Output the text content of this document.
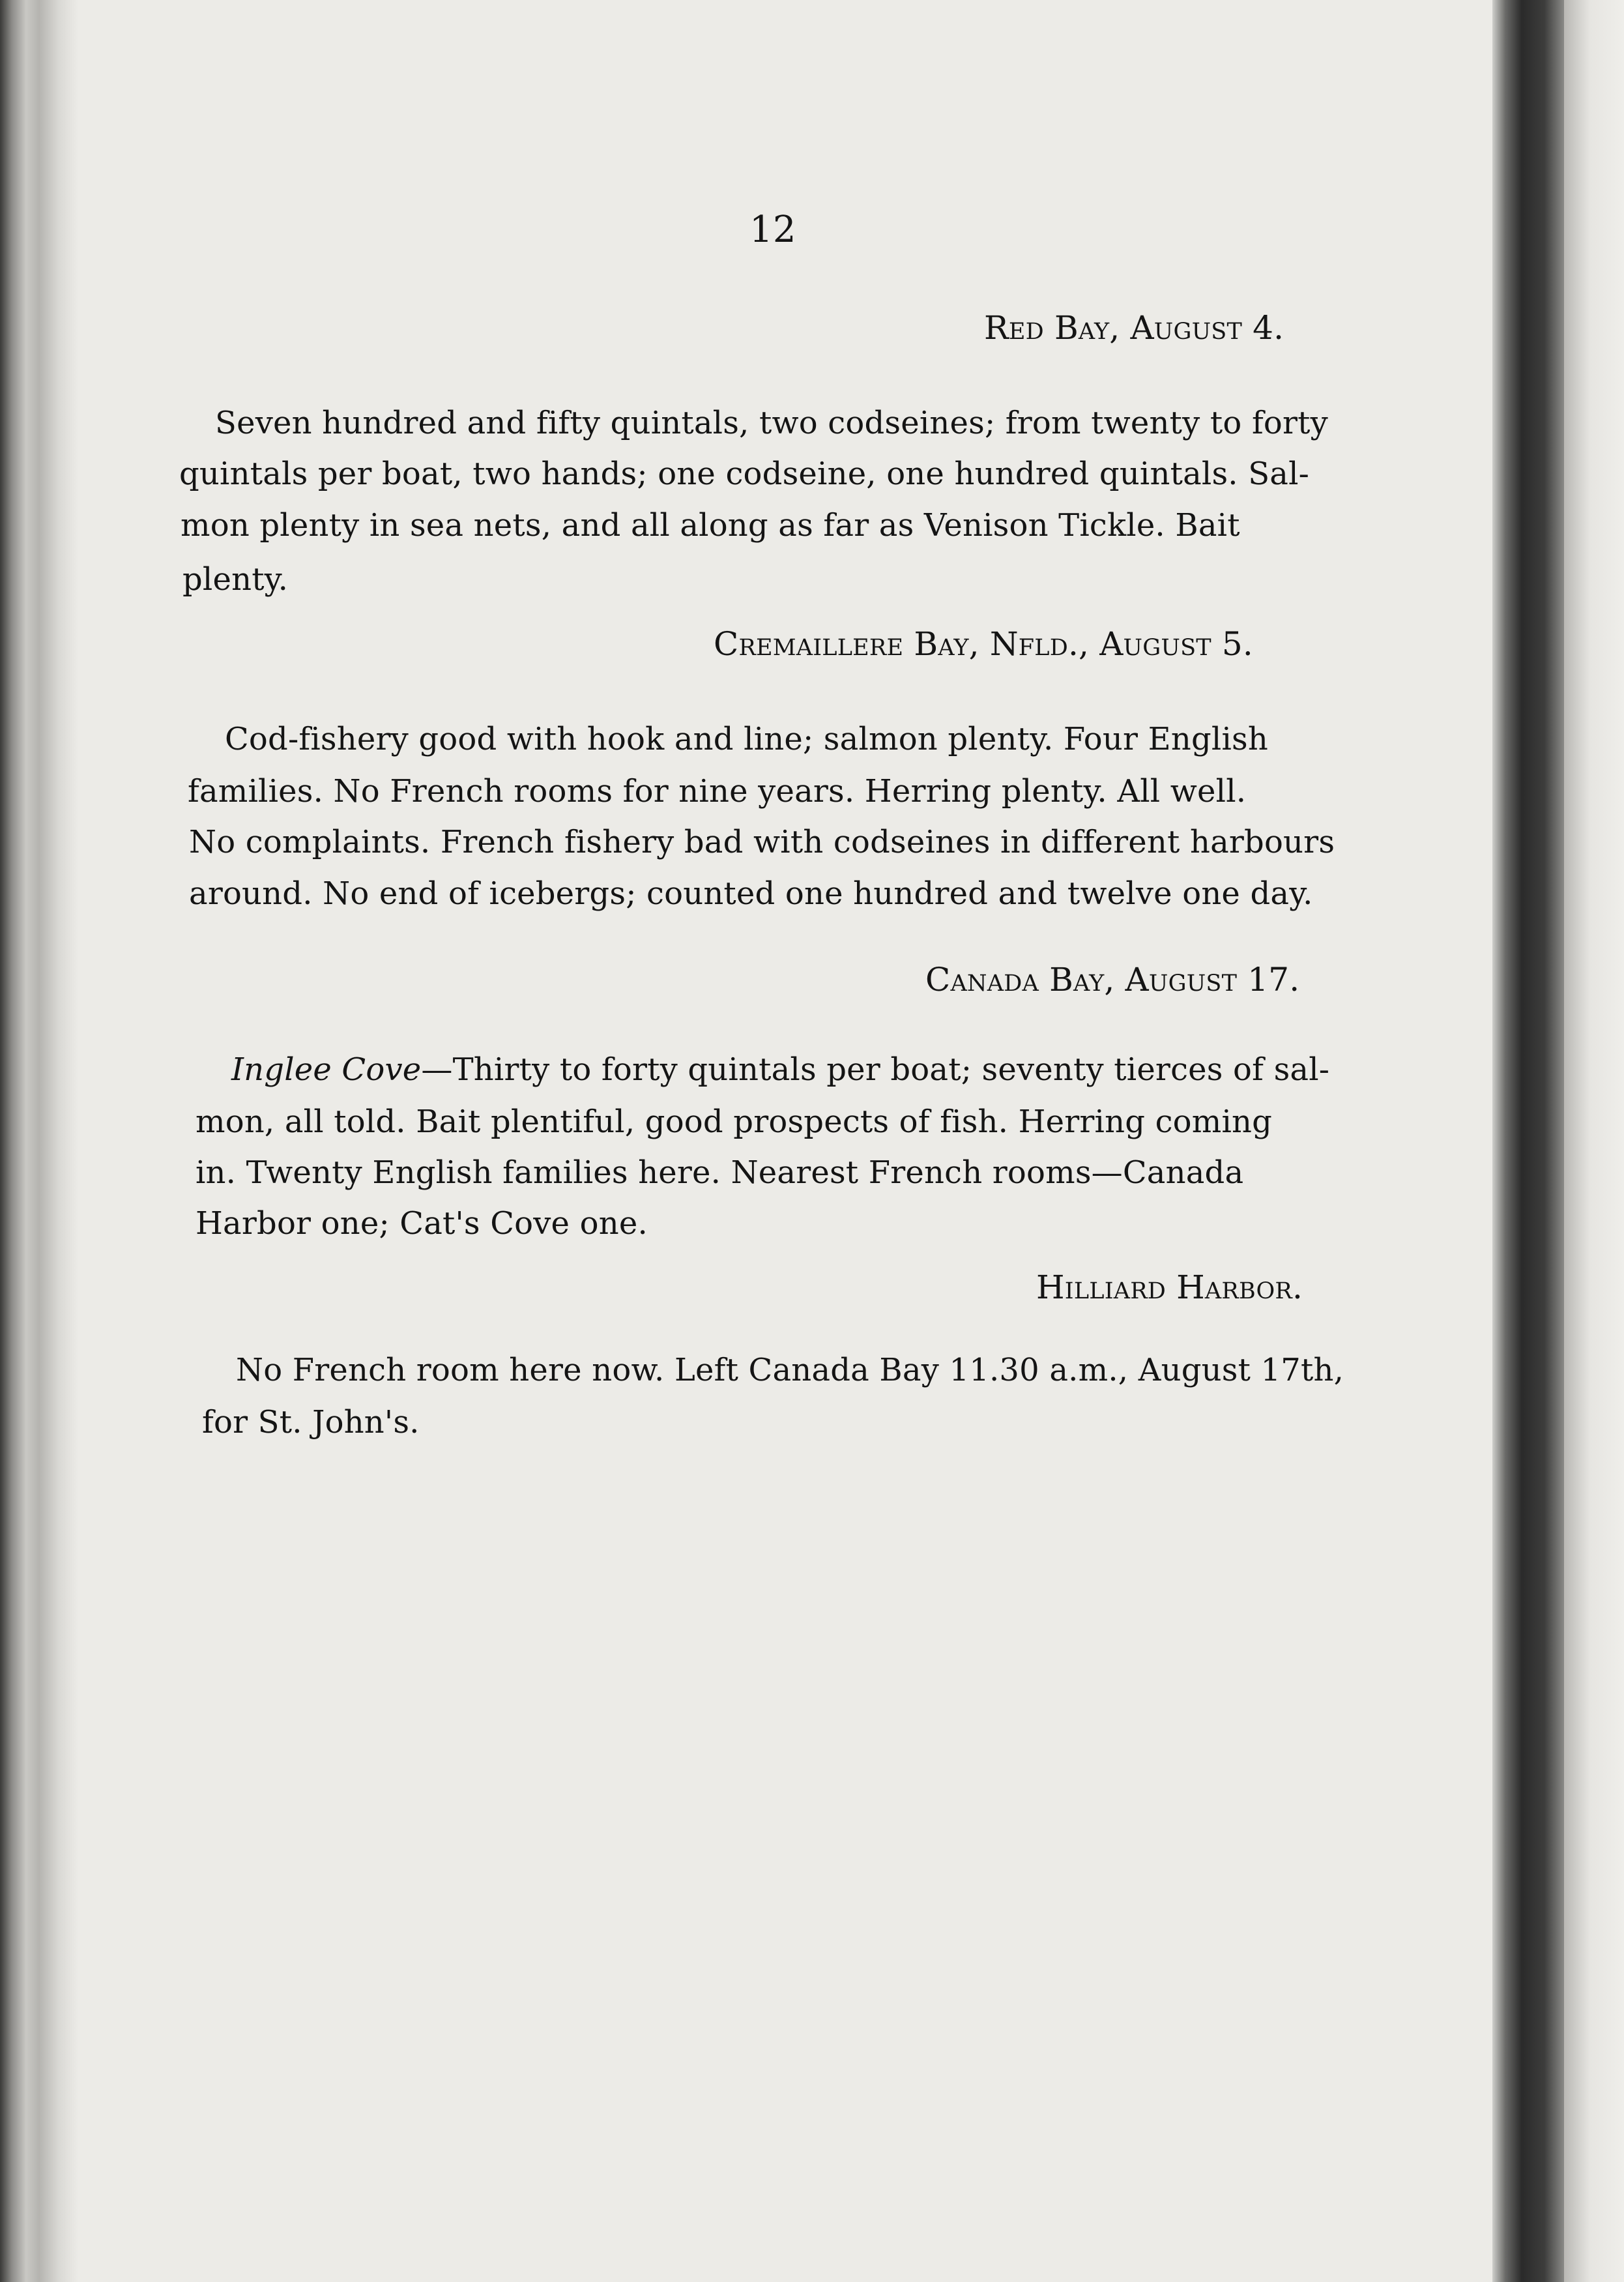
12
Red Bay, August 4.
Seven hundred and fifty quintals, two codseines; from twenty to forty
quintals per boat, two hands; one codseine, one hundred quintals. Sal-
mon plenty in sea nets, and all along as far as Venison Tickle. Bait
plenty.
Cremaillere Bay, Nfld., August 5.
Cod-fishery good with hook and line; salmon plenty. Four English
families. No French rooms for nine years. Herring plenty. All well.
No complaints. French fishery bad with codseines in different harbours
around. No end of icebergs; counted one hundred and twelve one day.
Canada Bay, August 17.
Inglee Cove—Thirty to forty quintals per boat; seventy tierces of sal-
mon, all told. Bait plentiful, good prospects of fish. Herring coming
in. Twenty English families here. Nearest French rooms—Canada
Harbor one; Cat's Cove one.
Hilliard Harbor.
No French room here now. Left Canada Bay 11.30 a.m., August 17th,
for St. John's.
